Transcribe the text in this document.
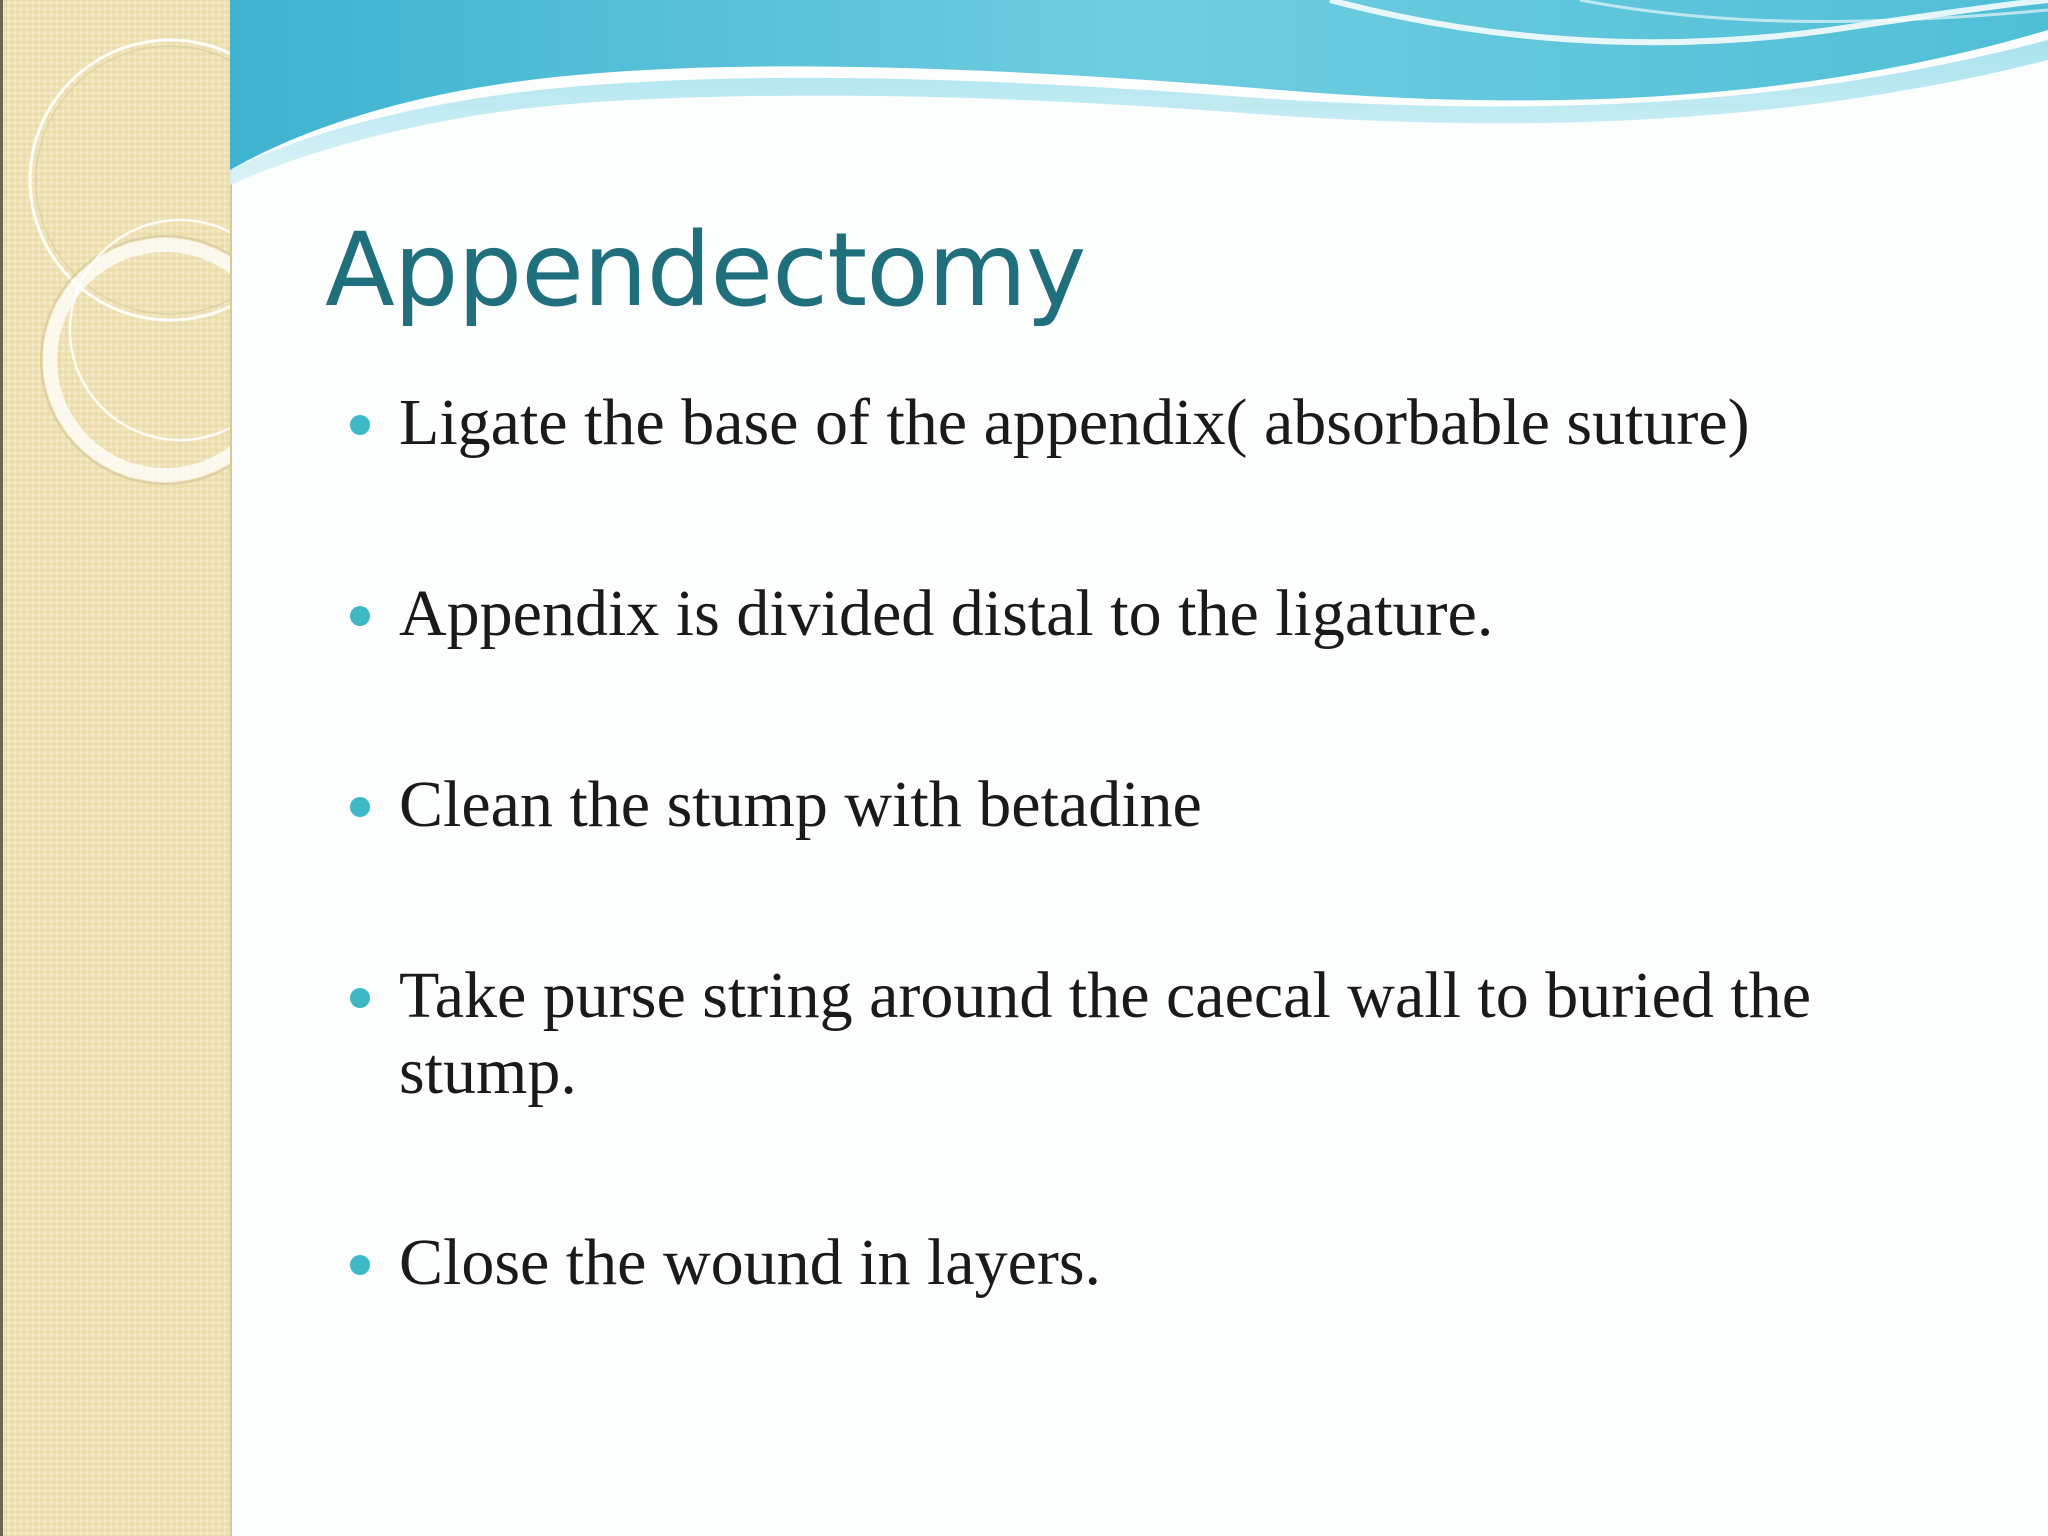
Appendectomy
Ligate the base of the appendix( absorbable suture)
Appendix is divided distal to the ligature.
Clean the stump with betadine
Take purse string around the caecal wall to buried the stump.
Close the wound in layers.
